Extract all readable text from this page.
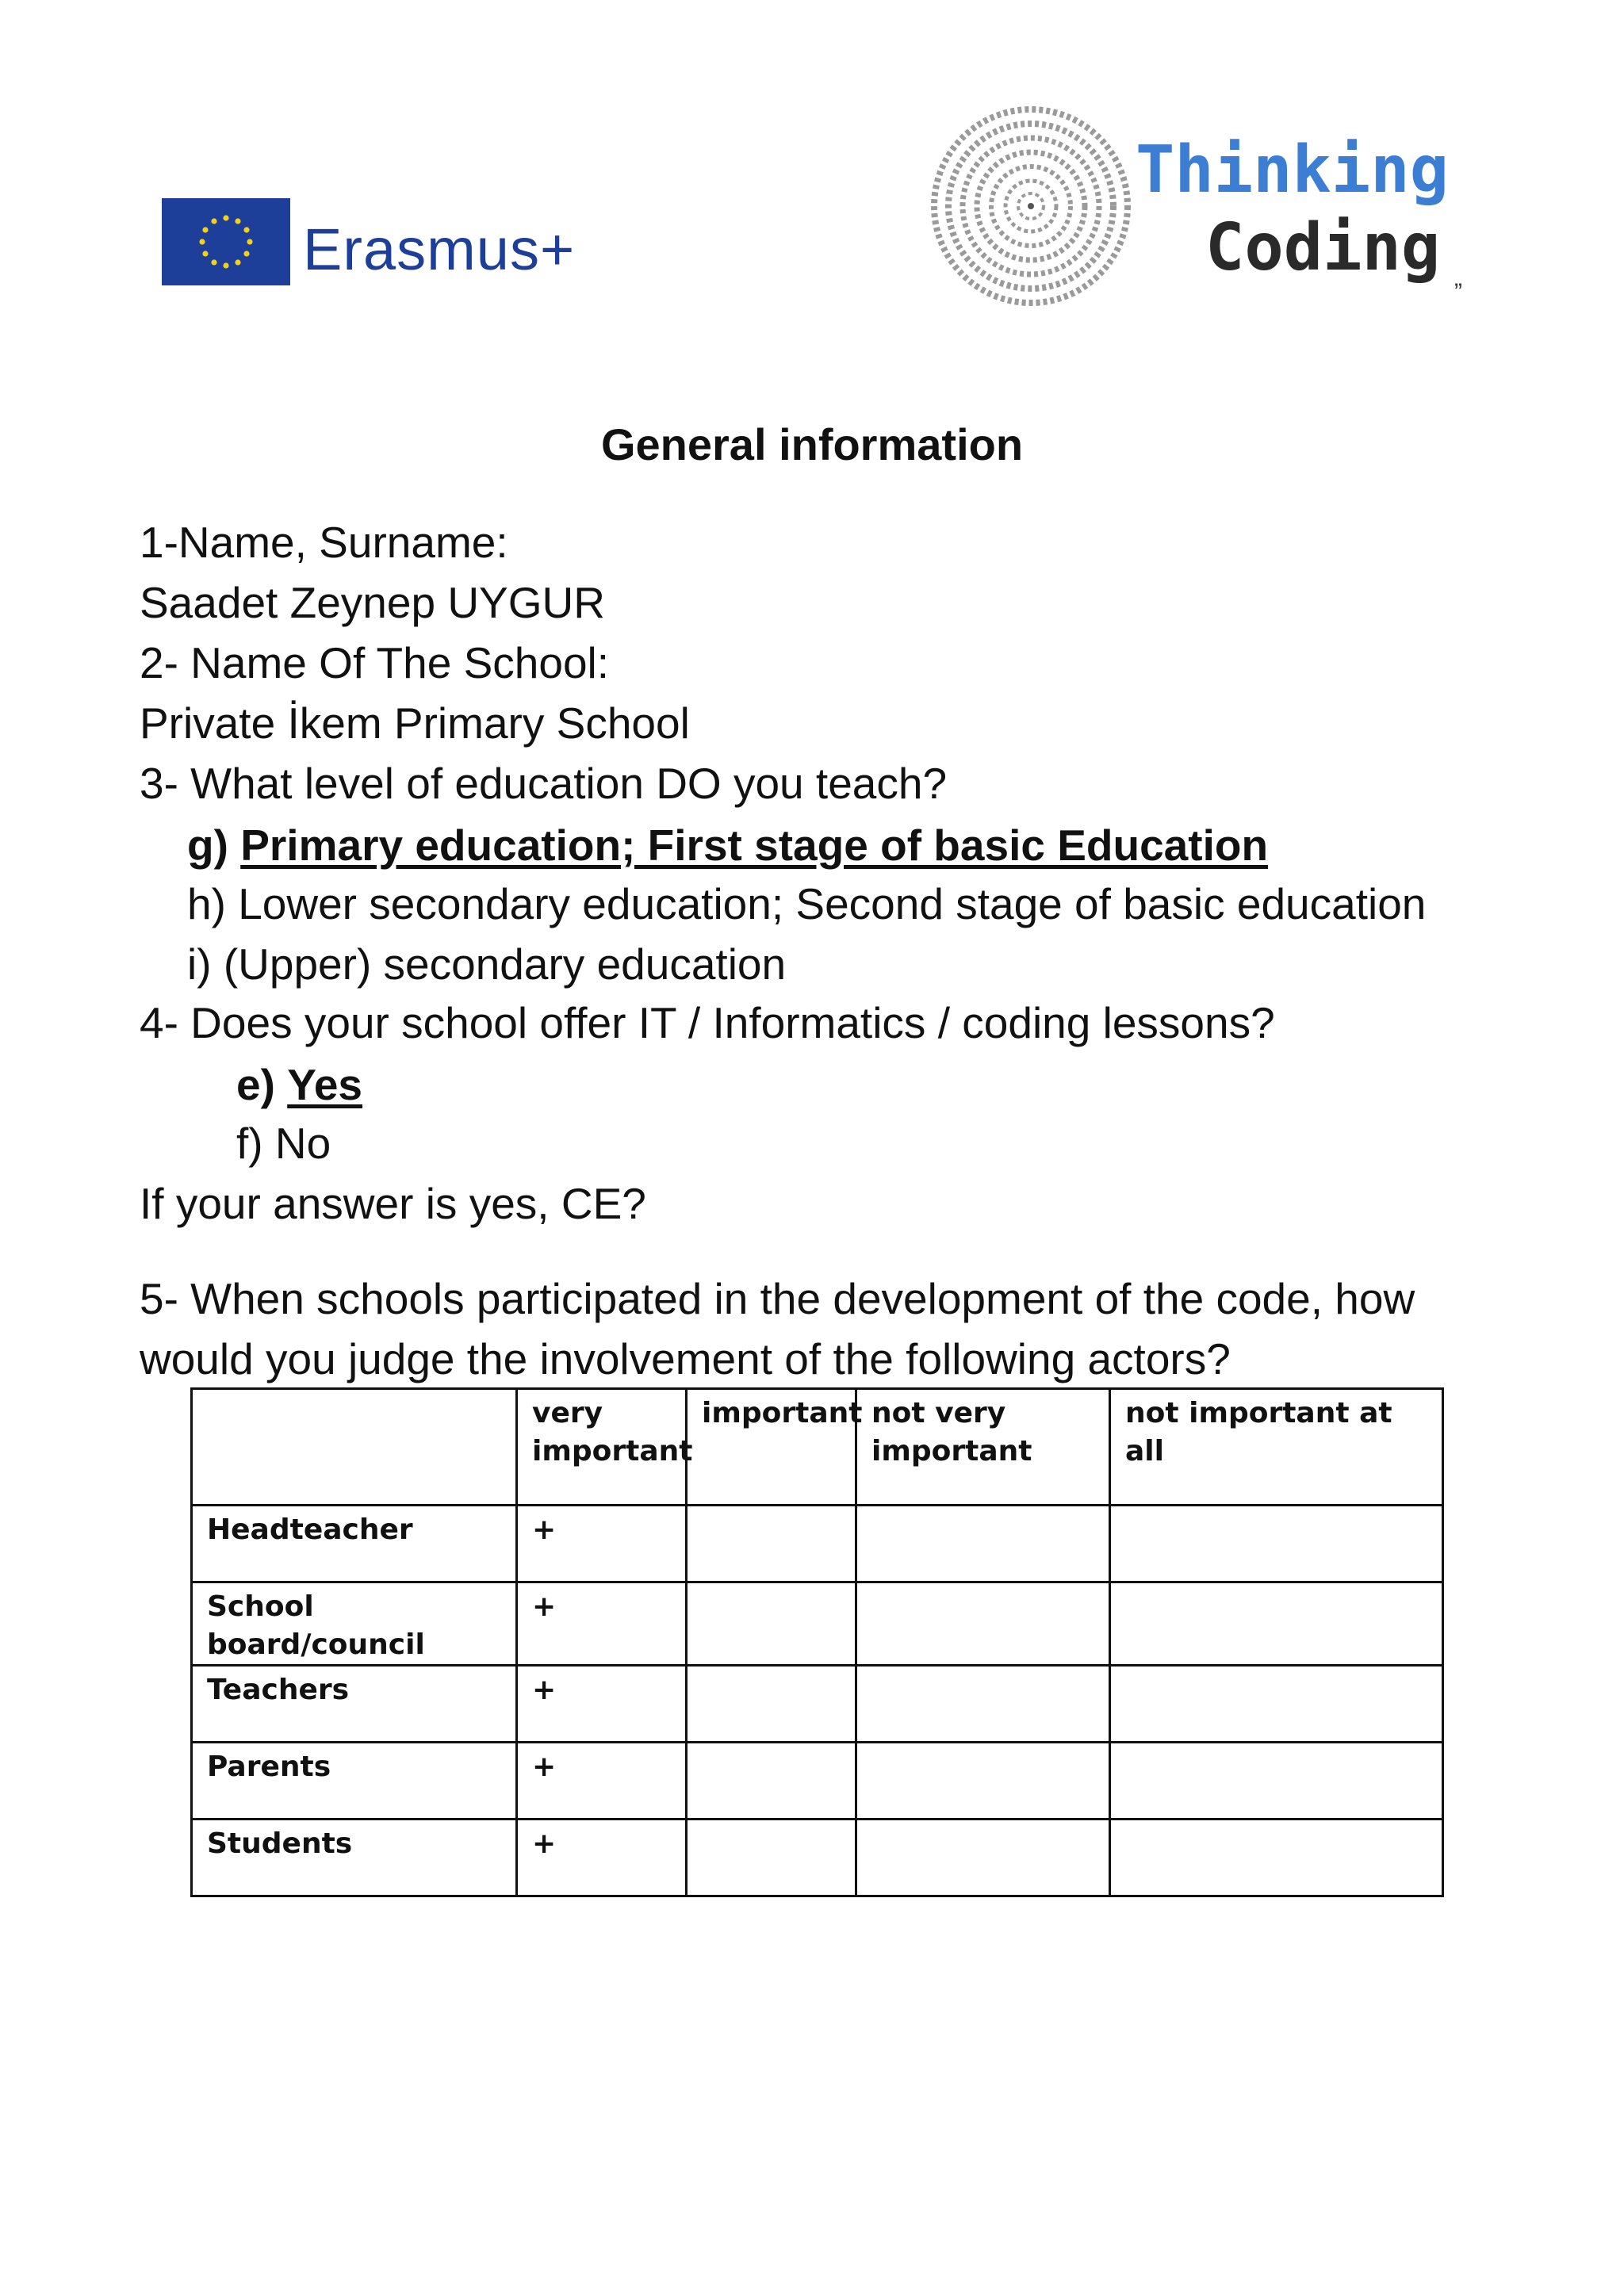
Erasmus+
Thinking
Coding
”
General information
1-Name, Surname:
Saadet Zeynep UYGUR
2- Name Of The School:
Private İkem Primary School
3- What level of education DO you teach?
g) Primary education; First stage of basic Education
h) Lower secondary education; Second stage of basic education
i) (Upper) secondary education
4- Does your school offer IT / Informatics / coding lessons?
e) Yes
f) No
If your answer is yes, CE?
5- When schools participated in the development of the code, how
would you judge the involvement of the following actors?
	very important	important	not very important	not important at all
Headteacher	+			
School board/council	+			
Teachers	+			
Parents	+			
Students	+			
